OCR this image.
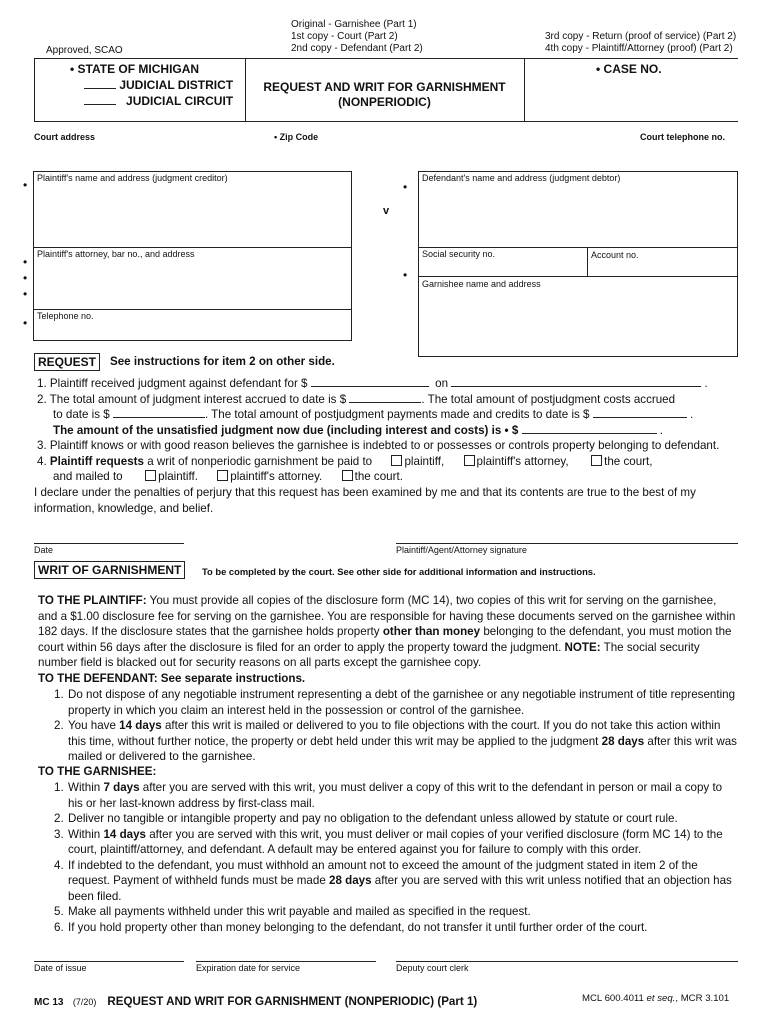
Approved, SCAO
Original - Garnishee (Part 1)
1st copy - Court (Part 2)
2nd copy - Defendant (Part 2)
3rd copy - Return (proof of service) (Part 2)
4th copy - Plaintiff/Attorney (proof) (Part 2)
• STATE OF MICHIGAN
JUDICIAL DISTRICT
JUDICIAL CIRCUIT
REQUEST AND WRIT FOR GARNISHMENT
(NONPERIODIC)
• CASE NO.
Court address	• Zip Code	Court telephone no.
•	Plaintiff's name and address (judgment creditor)
•
•
•
Plaintiff's attorney, bar no., and address
•	Telephone no.
v
•
Defendant's name and address (judgment debtor)
Social security no.	Account no.
•
Garnishee name and address
REQUEST	See instructions for item 2 on other side.
1. Plaintiff received judgment against defendant for $	on	.
2. The total amount of judgment interest accrued to date is $	. The total amount of postjudgment costs accrued
to date is $	. The total amount of postjudgment payments made and credits to date is $	.
The amount of the unsatisfied judgment now due (including interest and costs) is • $	.
3. Plaintiff knows or with good reason believes the garnishee is indebted to or possesses or controls property belonging to defendant.
4. Plaintiff requests a writ of nonperiodic garnishment be paid to	plaintiff,	plaintiff's attorney,	the court,
and mailed to	plaintiff.	plaintiff's attorney.	the court.
I declare under the penalties of perjury that this request has been examined by me and that its contents are true to the best of my information, knowledge, and belief.
Date	Plaintiff/Agent/Attorney signature
WRIT OF GARNISHMENT	To be completed by the court. See other side for additional information and instructions.
TO THE PLAINTIFF: You must provide all copies of the disclosure form (MC 14), two copies of this writ for serving on the garnishee, and a $1.00 disclosure fee for serving on the garnishee. You are responsible for having these documents served on the garnishee within 182 days. If the disclosure states that the garnishee holds property other than money belonging to the defendant, you must motion the court within 56 days after the disclosure is filed for an order to apply the property toward the judgment. NOTE: The social security number field is blacked out for security reasons on all parts except the garnishee copy.
TO THE DEFENDANT: See separate instructions.
1. Do not dispose of any negotiable instrument representing a debt of the garnishee or any negotiable instrument of title representing property in which you claim an interest held in the possession or control of the garnishee.
2. You have 14 days after this writ is mailed or delivered to you to file objections with the court. If you do not take this action within this time, without further notice, the property or debt held under this writ may be applied to the judgment 28 days after this writ was mailed or delivered to the garnishee.
TO THE GARNISHEE:
1. Within 7 days after you are served with this writ, you must deliver a copy of this writ to the defendant in person or mail a copy to his or her last-known address by first-class mail.
2. Deliver no tangible or intangible property and pay no obligation to the defendant unless allowed by statute or court rule.
3. Within 14 days after you are served with this writ, you must deliver or mail copies of your verified disclosure (form MC 14) to the court, plaintiff/attorney, and defendant. A default may be entered against you for failure to comply with this order.
4. If indebted to the defendant, you must withhold an amount not to exceed the amount of the judgment stated in item 2 of the request. Payment of withheld funds must be made 28 days after you are served with this writ unless notified that an objection has been filed.
5. Make all payments withheld under this writ payable and mailed as specified in the request.
6. If you hold property other than money belonging to the defendant, do not transfer it until further order of the court.
Date of issue	Expiration date for service	Deputy court clerk
MC 13 (7/20) REQUEST AND WRIT FOR GARNISHMENT (NONPERIODIC) (Part 1)	MCL 600.4011 et seq., MCR 3.101
